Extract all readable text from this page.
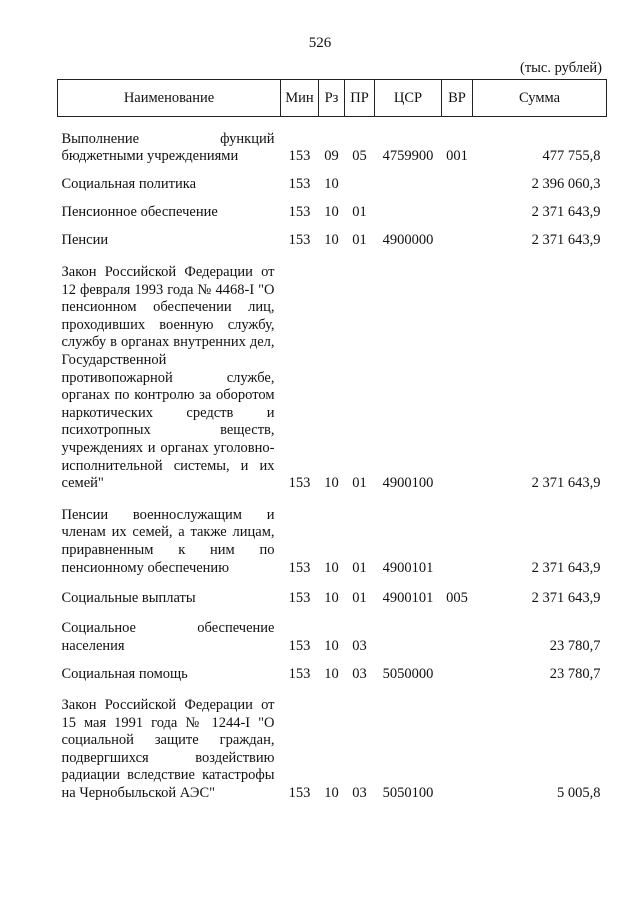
526
(тыс. рублей)
Наименование	Мин	Рз	ПР	ЦСР	ВР	Сумма

Выполнение функций бюджетными учреждениями	153	09	05	4759900	001	477 755,8
Социальная политика	153	10				2 396 060,3
Пенсионное обеспечение	153	10	01			2 371 643,9
Пенсии	153	10	01	4900000		2 371 643,9
Закон Российской Федерации от 12 февраля 1993 года № 4468-I "О пенсионном обеспечении лиц, проходивших военную службу, службу в органах внутренних дел, Государственной противопожарной службе, органах по контролю за оборотом наркотических средств и психотропных веществ, учреждениях и органах уголовно-исполнительной системы, и их семей"	153	10	01	4900100		2 371 643,9
Пенсии военнослужащим и членам их семей, а также лицам, приравненным к ним по пенсионному обеспечению	153	10	01	4900101		2 371 643,9
Социальные выплаты	153	10	01	4900101	005	2 371 643,9
Социальное обеспечение населения	153	10	03			23 780,7
Социальная помощь	153	10	03	5050000		23 780,7
Закон Российской Федерации от 15 мая 1991 года № 1244-I "О социальной защите граждан, подвергшихся воздействию радиации вследствие катастрофы на Чернобыльской АЭС"	153	10	03	5050100		5 005,8
